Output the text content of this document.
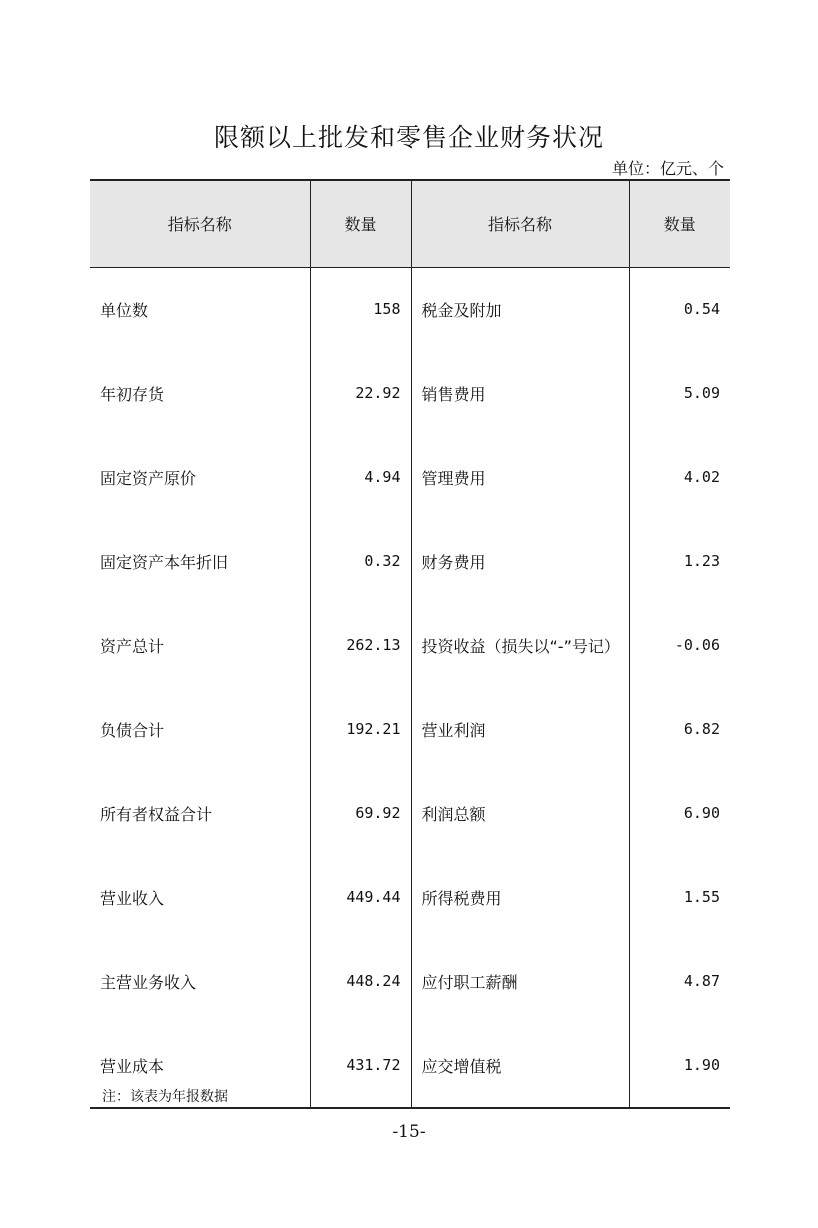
限额以上批发和零售企业财务状况
单位：亿元、个
指标名称	数量	指标名称	数量
单位数	158	税金及附加	0.54
年初存货	22.92	销售费用	5.09
固定资产原价	4.94	管理费用	4.02
固定资产本年折旧	0.32	财务费用	1.23
资产总计	262.13	投资收益（损失以“-”号记）	-0.06
负债合计	192.21	营业利润	6.82
所有者权益合计	69.92	利润总额	6.90
营业收入	449.44	所得税费用	1.55
主营业务收入	448.24	应付职工薪酬	4.87
营业成本	431.72	应交增值税	1.90
注：该表为年报数据
-15-
